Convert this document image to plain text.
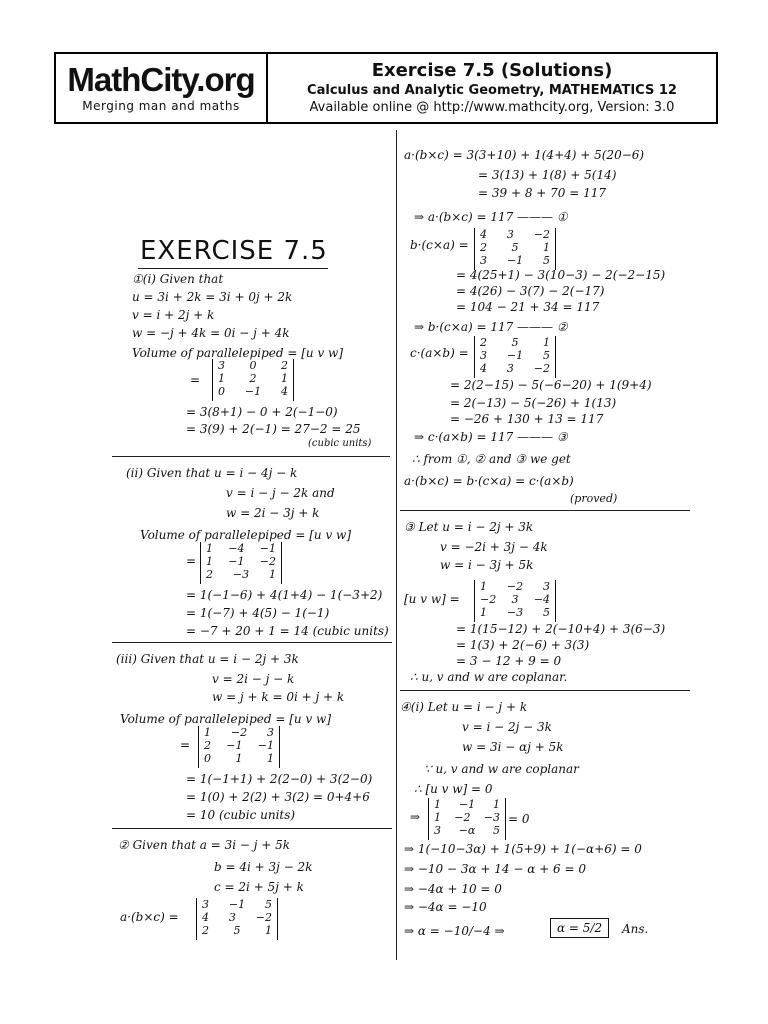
MathCity.org
Merging man and maths
Exercise 7.5 (Solutions)
Calculus and Analytic Geometry, MATHEMATICS 12
Available online @ http://www.mathcity.org, Version: 3.0
EXERCISE 7.5
①(i) Given that
u = 3i + 2k = 3i + 0j + 2k
v = i + 2j + k
w = −j + 4k = 0i − j + 4k
Volume of parallelepiped = [u v w]
=
3 0 2
1 2 1
0 −1 4
= 3(8+1) − 0 + 2(−1−0)
= 3(9) + 2(−1) = 27−2 = 25
(cubic units)
(ii) Given that u = i − 4j − k
v = i − j − 2k and
w = 2i − 3j + k
Volume of parallelepiped = [u v w]
=
1 −4 −1
1 −1 −2
2 −3 1
= 1(−1−6) + 4(1+4) − 1(−3+2)
= 1(−7) + 4(5) − 1(−1)
= −7 + 20 + 1 = 14 (cubic units)
(iii) Given that u = i − 2j + 3k
v = 2i − j − k
w = j + k = 0i + j + k
Volume of parallelepiped = [u v w]
=
1 −2 3
2 −1 −1
0 1 1
= 1(−1+1) + 2(2−0) + 3(2−0)
= 1(0) + 2(2) + 3(2) = 0+4+6
= 10 (cubic units)
② Given that a = 3i − j + 5k
b = 4i + 3j − 2k
c = 2i + 5j + k
a·(b×c) =
3 −1 5
4 3 −2
2 5 1
a·(b×c) = 3(3+10) + 1(4+4) + 5(20−6)
= 3(13) + 1(8) + 5(14)
= 39 + 8 + 70 = 117
⇒ a·(b×c) = 117 ——— ①
b·(c×a) =
4 3 −2
2 5 1
3 −1 5
= 4(25+1) − 3(10−3) − 2(−2−15)
= 4(26) − 3(7) − 2(−17)
= 104 − 21 + 34 = 117
⇒ b·(c×a) = 117 ——— ②
c·(a×b) =
2 5 1
3 −1 5
4 3 −2
= 2(2−15) − 5(−6−20) + 1(9+4)
= 2(−13) − 5(−26) + 1(13)
= −26 + 130 + 13 = 117
⇒ c·(a×b) = 117 ——— ③
∴ from ①, ② and ③ we get
a·(b×c) = b·(c×a) = c·(a×b)
(proved)
③ Let u = i − 2j + 3k
v = −2i + 3j − 4k
w = i − 3j + 5k
[u v w] =
1 −2 3
−2 3 −4
1 −3 5
= 1(15−12) + 2(−10+4) + 3(6−3)
= 1(3) + 2(−6) + 3(3)
= 3 − 12 + 9 = 0
∴ u, v and w are coplanar.
④(i) Let u = i − j + k
v = i − 2j − 3k
w = 3i − αj + 5k
∵ u, v and w are coplanar
∴ [u v w] = 0
⇒
1 −1 1
1 −2 −3
3 −α 5
= 0
⇒ 1(−10−3α) + 1(5+9) + 1(−α+6) = 0
⇒ −10 − 3α + 14 − α + 6 = 0
⇒ −4α + 10 = 0
⇒ −4α = −10
⇒ α = −10/−4 ⇒	α = 5/2	Ans.
